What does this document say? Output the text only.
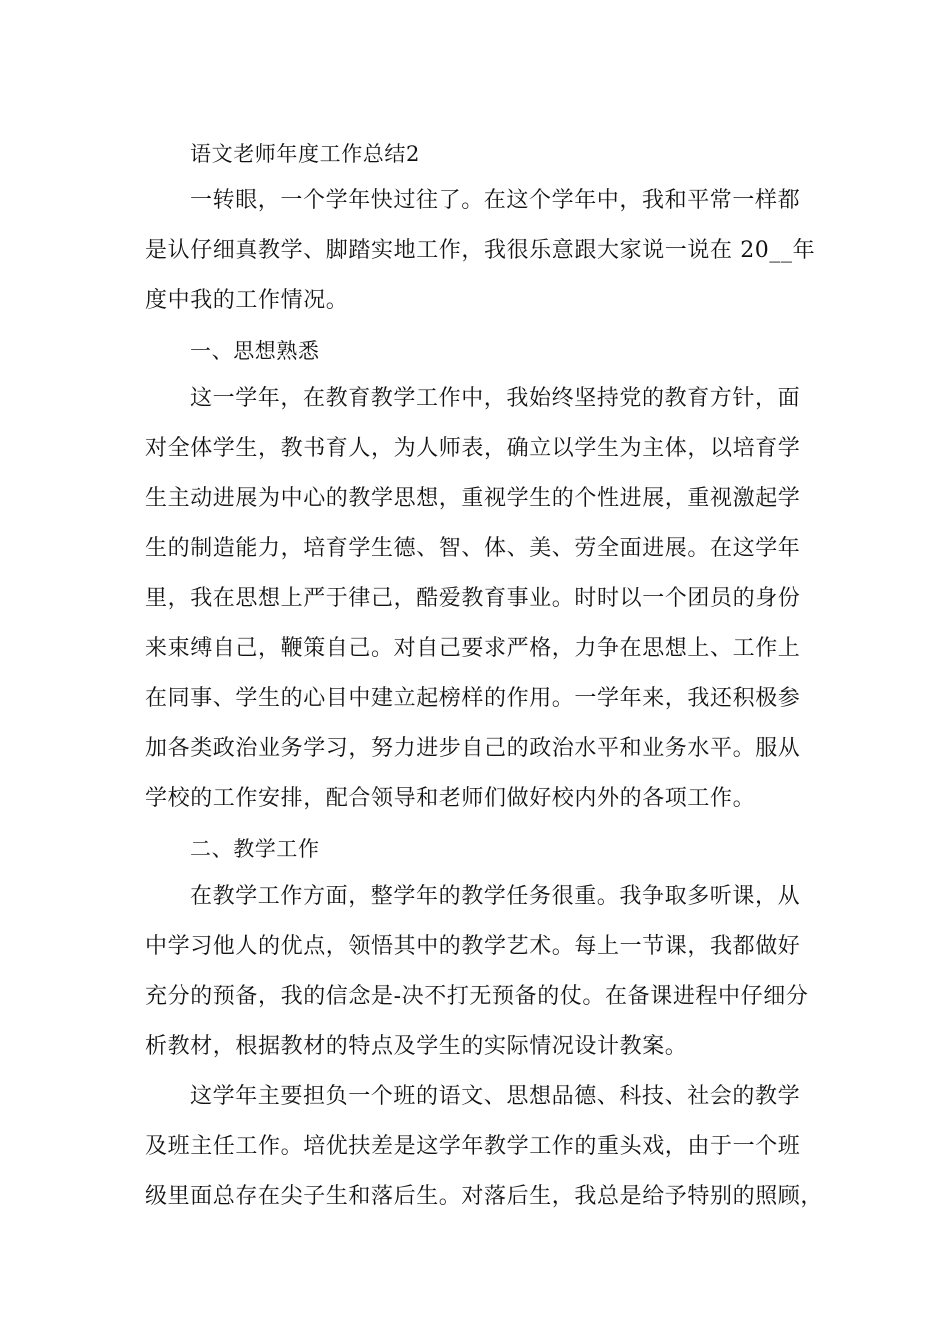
语文老师年度工作总结2
一转眼，一个学年快过往了。在这个学年中，我和平常一样都
是认仔细真教学、脚踏实地工作，我很乐意跟大家说一说在 20__年
度中我的工作情况。
一、思想熟悉
这一学年，在教育教学工作中，我始终坚持党的教育方针，面
对全体学生，教书育人，为人师表，确立以学生为主体，以培育学
生主动进展为中心的教学思想，重视学生的个性进展，重视激起学
生的制造能力，培育学生德、智、体、美、劳全面进展。在这学年
里，我在思想上严于律己，酷爱教育事业。时时以一个团员的身份
来束缚自己，鞭策自己。对自己要求严格，力争在思想上、工作上
在同事、学生的心目中建立起榜样的作用。一学年来，我还积极参
加各类政治业务学习，努力进步自己的政治水平和业务水平。服从
学校的工作安排，配合领导和老师们做好校内外的各项工作。
二、教学工作
在教学工作方面，整学年的教学任务很重。我争取多听课，从
中学习他人的优点，领悟其中的教学艺术。每上一节课，我都做好
充分的预备，我的信念是-决不打无预备的仗。在备课进程中仔细分
析教材，根据教材的特点及学生的实际情况设计教案。
这学年主要担负一个班的语文、思想品德、科技、社会的教学
及班主任工作。培优扶差是这学年教学工作的重头戏，由于一个班
级里面总存在尖子生和落后生。对落后生，我总是给予特别的照顾，
